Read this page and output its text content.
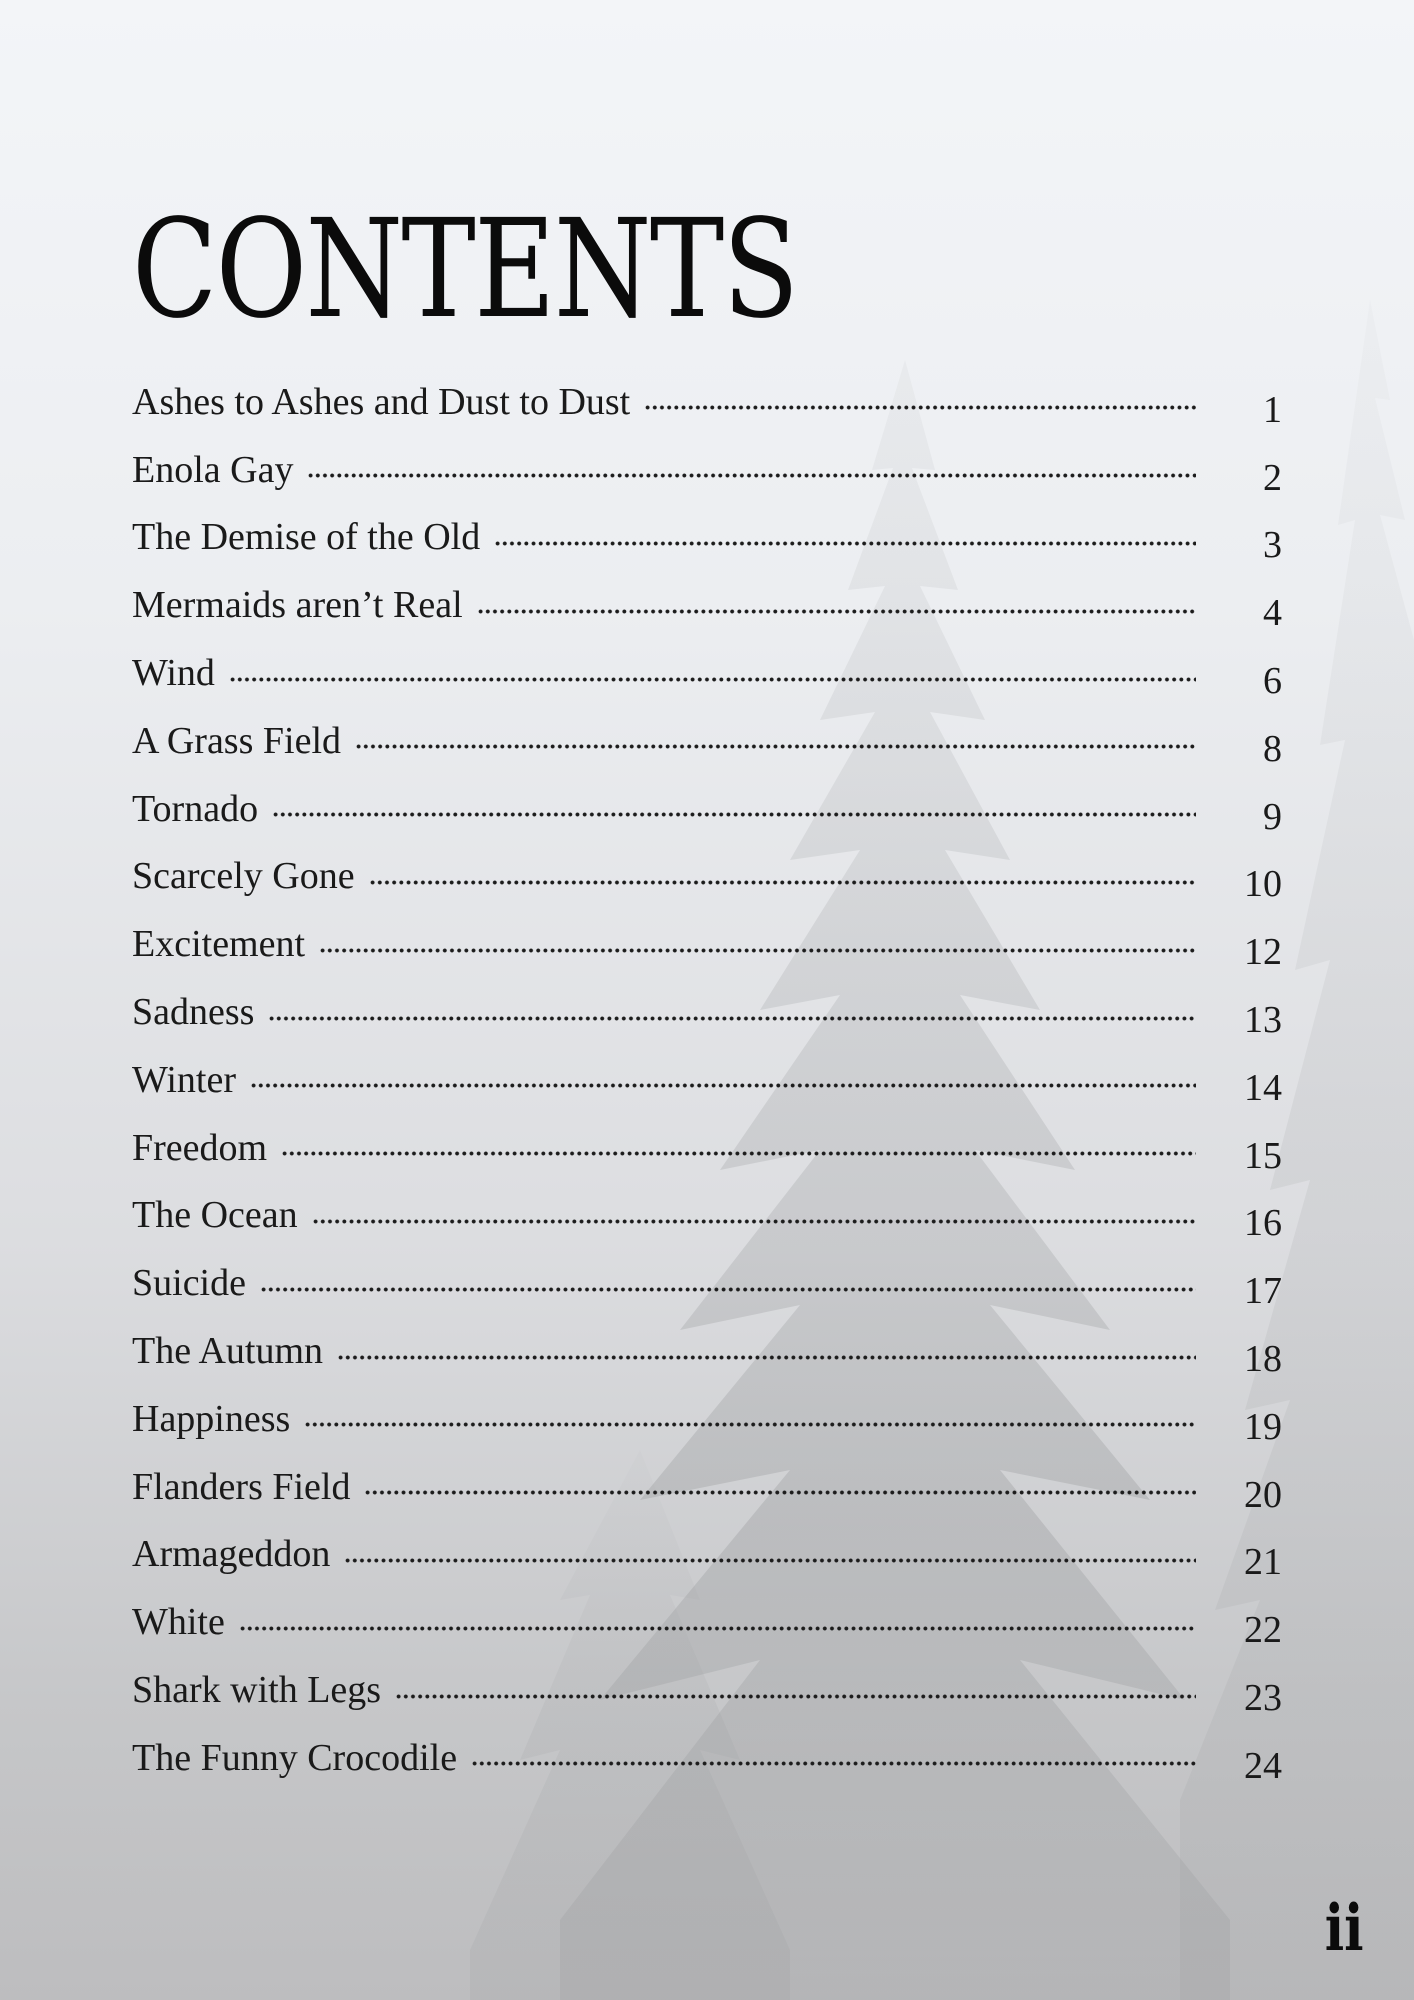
CONTENTS
Ashes to Ashes and Dust to Dust	1
Enola Gay	2
The Demise of the Old	3
Mermaids aren’t Real	4
Wind	6
A Grass Field	8
Tornado	9
Scarcely Gone	10
Excitement	12
Sadness	13
Winter	14
Freedom	15
The Ocean	16
Suicide	17
The Autumn	18
Happiness	19
Flanders Field	20
Armageddon	21
White	22
Shark with Legs	23
The Funny Crocodile	24
ii
